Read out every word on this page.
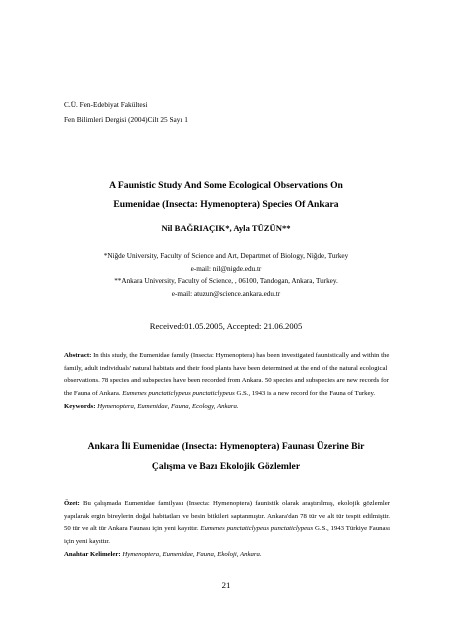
C.Ü. Fen-Edebiyat Fakültesi
Fen Bilimleri Dergisi (2004)Cilt 25 Sayı 1
A Faunistic Study And Some Ecological Observations On
Eumenidae (Insecta: Hymenoptera) Species Of Ankara
Nil BAĞRIAÇIK*, Ayla TÜZÜN**
*Niğde University, Faculty of Science and Art, Departmet of Biology, Niğde, Turkey
e-mail: nil@nigde.edu.tr
**Ankara University, Faculty of Science, , 06100, Tandogan, Ankara, Turkey.
e-mail: atuzun@science.ankara.edu.tr
Received:01.05.2005, Accepted: 21.06.2005

Abstract: In this study, the Eumenidae family (Insecta: Hymenoptera) has been investigated faunistically and within the family, adult individuals' natural habitats and their food plants have been determined at the end of the natural ecological observations. 78 species and subspecies have been recorded from Ankara. 50 species and subspecies are new records for the Fauna of Ankara. Eumenes punctaticlypeus punctaticlypeus G.S., 1943 is a new record for the Fauna of Turkey.

Keywords: Hymenoptera, Eumenidae, Fauna, Ecology, Ankara.

Ankara İli Eumenidae (Insecta: Hymenoptera) Faunası Üzerine Bir
Çalışma ve Bazı Ekolojik Gözlemler

Özet: Bu çalışmada Eumenidae familyası (Insecta: Hymenoptera) faunistik olarak araştırılmış, ekolojik gözlemler yapılarak ergin bireylerin doğal habitatları ve besin bitkileri saptanmıştır. Ankara'dan 78 tür ve alt tür tespit edilmiştir. 50 tür ve alt tür Ankara Faunası için yeni kayıttır. Eumenes punctaticlypeus punctaticlypeus G.S., 1943 Türkiye Faunası için yeni kayıttır.

Anahtar Kelimeler: Hymenoptera, Eumenidae, Fauna, Ekoloji, Ankara.

21
